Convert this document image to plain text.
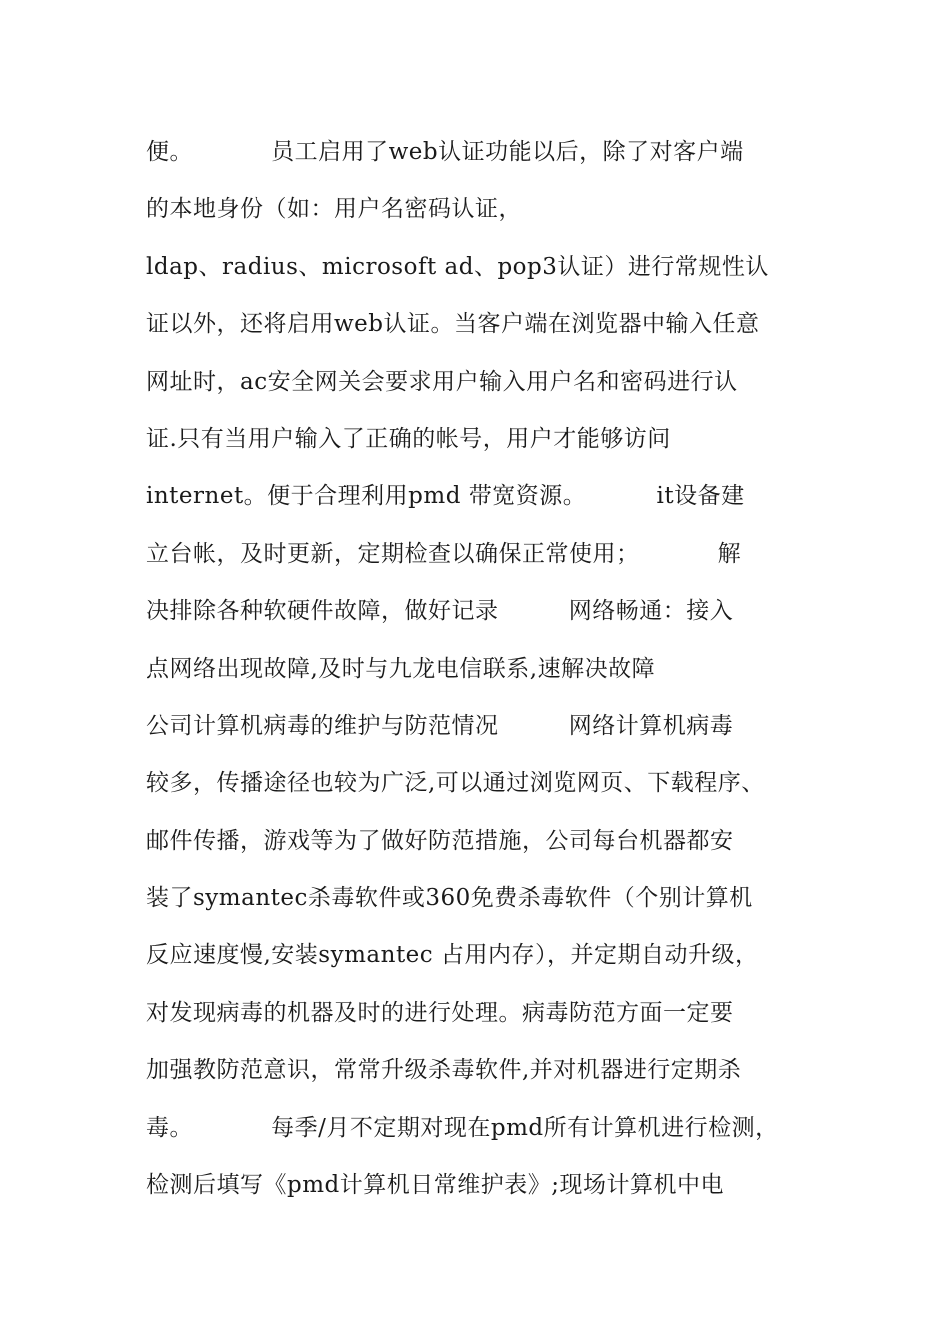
便。          员工启用了web认证功能以后，除了对客户端
的本地身份（如：用户名密码认证，
ldap、radius、microsoft ad、pop3认证）进行常规性认
证以外，还将启用web认证。当客户端在浏览器中输入任意
网址时，ac安全网关会要求用户输入用户名和密码进行认
证.只有当用户输入了正确的帐号，用户才能够访问
internet。便于合理利用pmd 带宽资源。         it设备建
立台帐，及时更新，定期检查以确保正常使用；          解
决排除各种软硬件故障，做好记录         网络畅通：接入
点网络出现故障,及时与九龙电信联系,速解决故障
公司计算机病毒的维护与防范情况         网络计算机病毒
较多，传播途径也较为广泛,可以通过浏览网页、下载程序、
邮件传播，游戏等为了做好防范措施，公司每台机器都安
装了symantec杀毒软件或360免费杀毒软件（个别计算机
反应速度慢,安装symantec 占用内存），并定期自动升级，
对发现病毒的机器及时的进行处理。病毒防范方面一定要
加强教防范意识，常常升级杀毒软件,并对机器进行定期杀
毒。          每季/月不定期对现在pmd所有计算机进行检测，
检测后填写《pmd计算机日常维护表》;现场计算机中电
